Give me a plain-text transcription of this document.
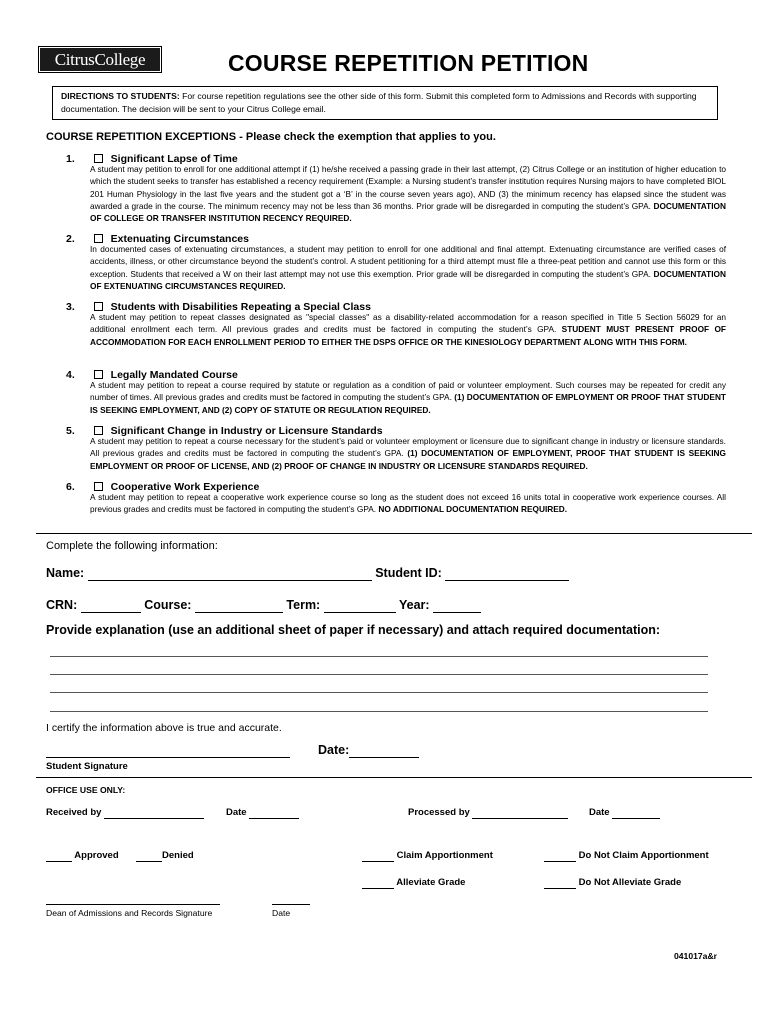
CitrusCollege	COURSE REPETITION PETITION
DIRECTIONS TO STUDENTS: For course repetition regulations see the other side of this form. Submit this completed form to Admissions and Records with supporting documentation. The decision will be sent to your Citrus College email.
COURSE REPETITION EXCEPTIONS - Please check the exemption that applies to you.
1.	Significant Lapse of Time
A student may petition to enroll for one additional attempt if (1) he/she received a passing grade in their last attempt, (2) Citrus College or an institution of higher education to which the student seeks to transfer has established a recency requirement (Example: a Nursing student’s transfer institution requires Nursing majors to have completed BIOL 201 Human Physiology in the last five years and the student got a ‘B’ in the course seven years ago), AND (3) the minimum recency has elapsed since the student was awarded a grade in the course. The minimum recency may not be less than 36 months. Prior grade will be disregarded in computing the student’s GPA. DOCUMENTATION OF COLLEGE OR TRANSFER INSTITUTION RECENCY REQUIRED.
2.	Extenuating Circumstances
In documented cases of extenuating circumstances, a student may petition to enroll for one additional and final attempt. Extenuating circumstance are verified cases of accidents, illness, or other circumstance beyond the student’s control. A student petitioning for a third attempt must file a three-peat petition and cannot use this form or this exception. Students that received a W on their last attempt may not use this exemption. Prior grade will be disregarded in computing the student’s GPA. DOCUMENTATION OF EXTENUATING CIRCUMSTANCES REQUIRED.
3.	Students with Disabilities Repeating a Special Class
A student may petition to repeat classes designated as "special classes" as a disability-related accommodation for a reason specified in Title 5 Section 56029 for an additional enrollment each term. All previous grades and credits must be factored in computing the student’s GPA. STUDENT MUST PRESENT PROOF OF ACCOMMODATION FOR EACH ENROLLMENT PERIOD TO EITHER THE DSPS OFFICE OR THE KINESIOLOGY DEPARTMENT ALONG WITH THIS FORM.
4.	Legally Mandated Course
A student may petition to repeat a course required by statute or regulation as a condition of paid or volunteer employment. Such courses may be repeated for credit any number of times. All previous grades and credits must be factored in computing the student’s GPA. (1) DOCUMENTATION OF EMPLOYMENT OR PROOF THAT STUDENT IS SEEKING EMPLOYMENT, AND (2) COPY OF STATUTE OR REGULATION REQUIRED.
5.	Significant Change in Industry or Licensure Standards
A student may petition to repeat a course necessary for the student’s paid or volunteer employment or licensure due to significant change in industry or licensure standards. All previous grades and credits must be factored in computing the student’s GPA. (1) DOCUMENTATION OF EMPLOYMENT, PROOF THAT STUDENT IS SEEKING EMPLOYMENT OR PROOF OF LICENSE, AND (2) PROOF OF CHANGE IN INDUSTRY OR LICENSURE STANDARDS REQUIRED.
6.	Cooperative Work Experience
A student may petition to repeat a cooperative work experience course so long as the student does not exceed 16 units total in cooperative work experience courses. All previous grades and credits must be factored in computing the student’s GPA. NO ADDITIONAL DOCUMENTATION REQUIRED.
Complete the following information:
Name:	Student ID:
CRN:	Course:	Term:	Year:
Provide explanation (use an additional sheet of paper if necessary) and attach required documentation:
I certify the information above is true and accurate.
Date:
Student Signature
OFFICE USE ONLY:
Received by	Date	Processed by	Date
Approved	Denied	Claim Apportionment	Do Not Claim Apportionment
Alleviate Grade	Do Not Alleviate Grade
Dean of Admissions and Records Signature	Date
041017a&r
